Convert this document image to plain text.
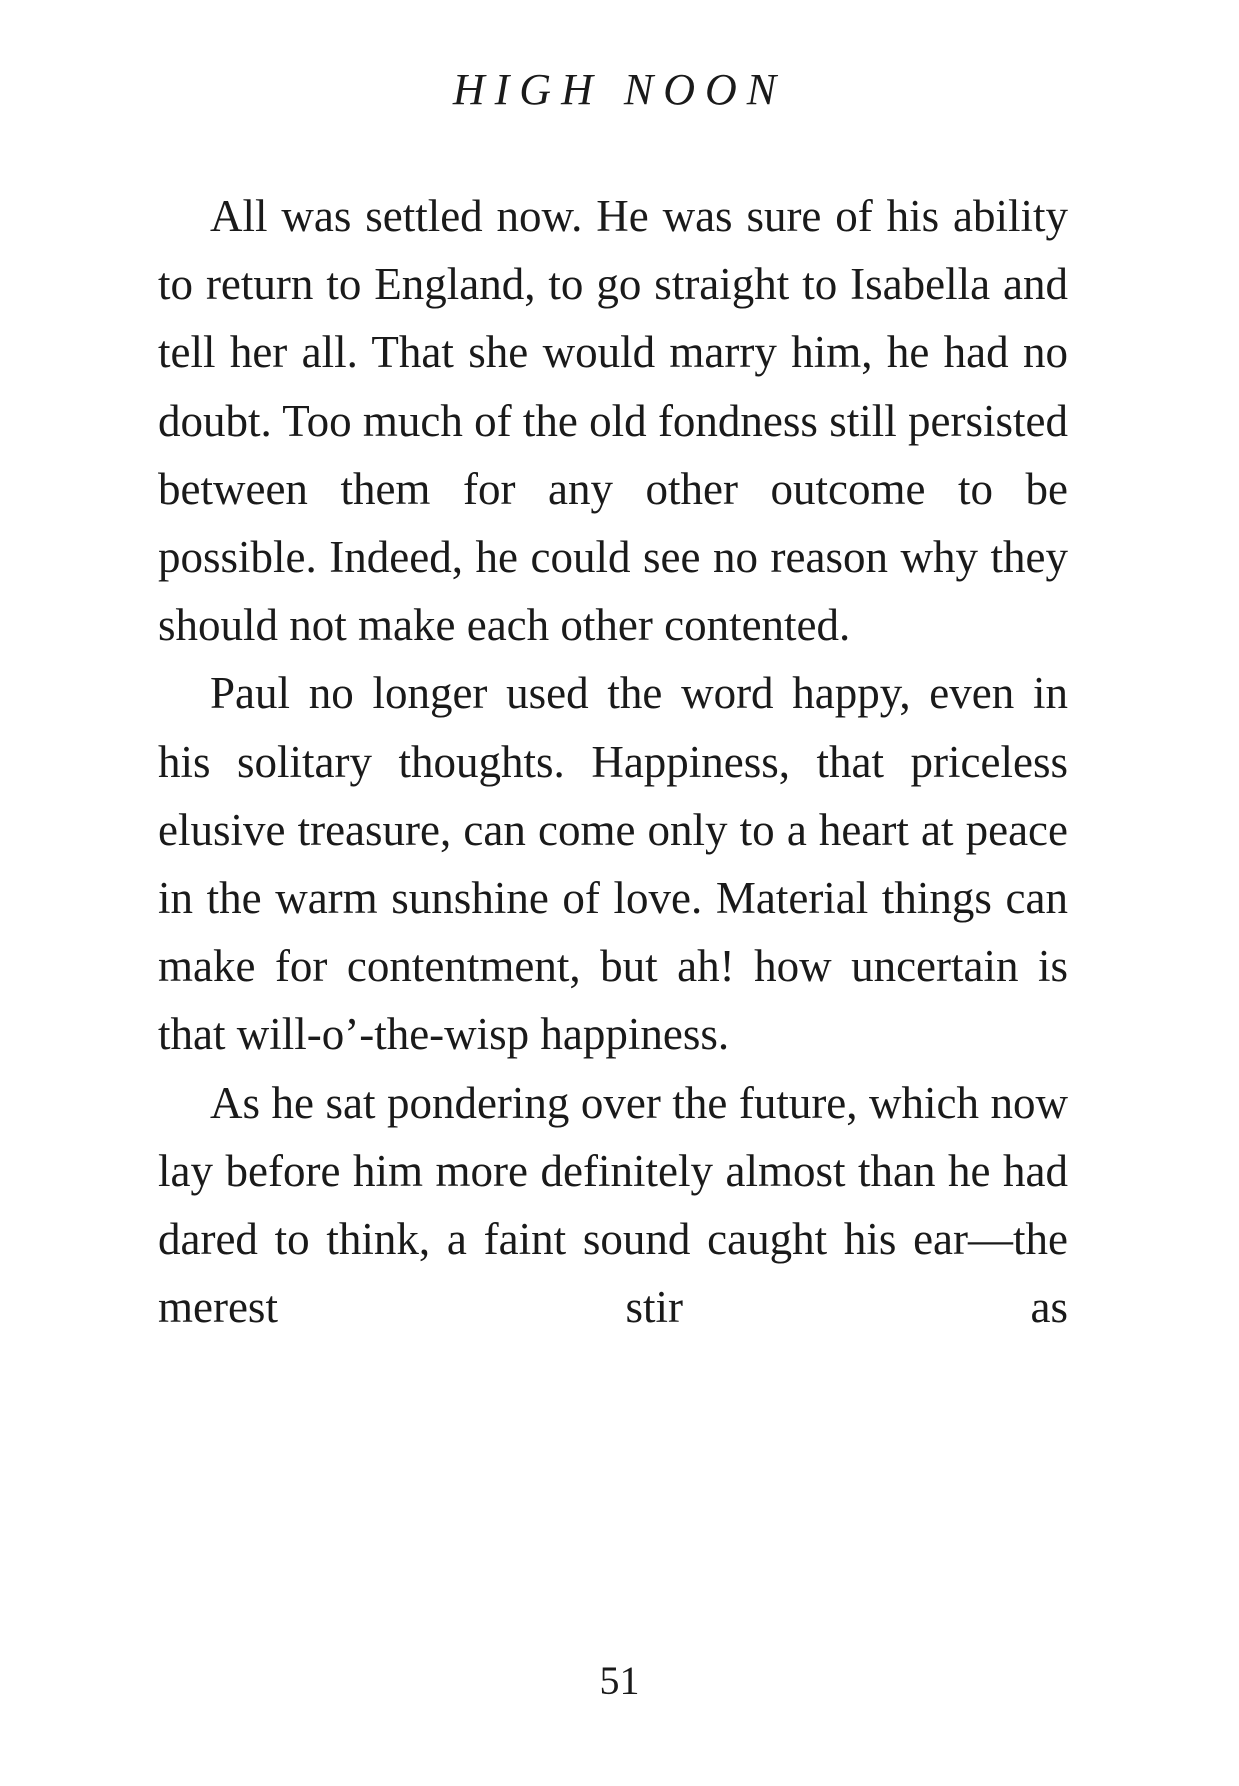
HIGH NOON

All was settled now. He was sure of his ability to return to England, to go straight to Isabella and tell her all. That she would marry him, he had no doubt. Too much of the old fondness still persisted between them for any other outcome to be possible. Indeed, he could see no reason why they should not make each other contented.

Paul no longer used the word happy, even in his solitary thoughts. Happiness, that priceless elusive treasure, can come only to a heart at peace in the warm sunshine of love. Material things can make for contentment, but ah! how uncertain is that will-o’-the-wisp happiness.

As he sat pondering over the future, which now lay before him more definitely almost than he had dared to think, a faint sound caught his ear—the merest stir as

51
